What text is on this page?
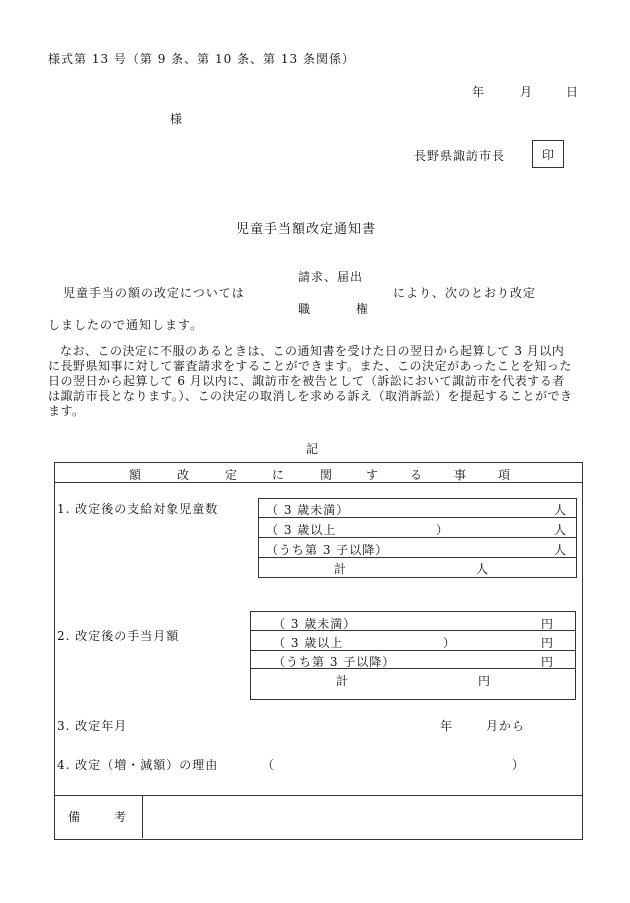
様式第 13 号（第 9 条、第 10 条、第 13 条関係）
年	月	日
様
長野県諏訪市長	印
児童手当額改定通知書
請求、届出
児童手当の額の改定については	により、次のとおり改定
職	権
しましたので通知します。
なお、この決定に不服のあるときは、この通知書を受けた日の翌日から起算して 3 月以内に長野県知事に対して審査請求をすることができます。また、この決定があったことを知った日の翌日から起算して 6 月以内に、諏訪市を被告として（訴訟において諏訪市を代表する者は諏訪市長となります。）、この決定の取消しを求める訴え（取消訴訟）を提起することができます。
記
額	改	定	に	関	す	る	事	項
1. 改定後の支給対象児童数	（ 3 歳未満）	人
（ 3 歳以上	）	人
（うち第 3 子以降）	人
計	人
2. 改定後の手当月額
（ 3 歳未満）	円
（ 3 歳以上	）	円
（うち第 3 子以降）	円
計	円
3. 改定年月	年	月から
4. 改定（増・減額）の理由	（	）
備	考
